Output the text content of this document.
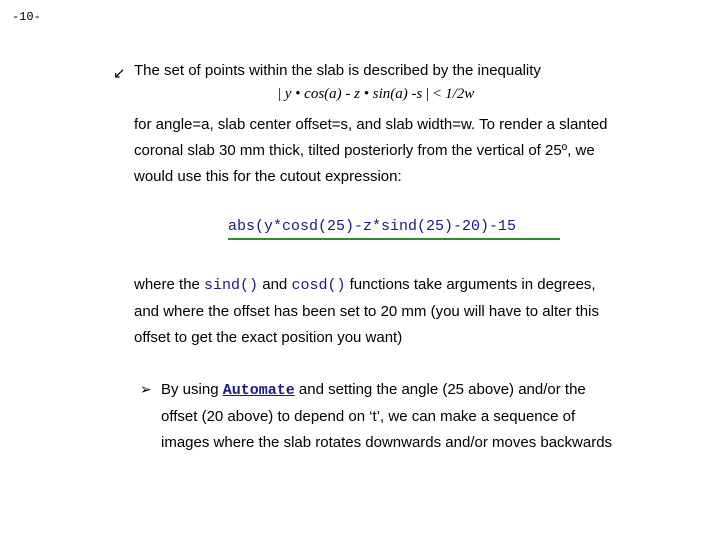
-10-
↙ The set of points within the slab is described by the inequality
| y • cos(a) - z • sin(a) -s | < 1/2w
for angle=a, slab center offset=s, and slab width=w. To render a slanted
coronal slab 30 mm thick, tilted posteriorly from the vertical of 25º, we
would use this for the cutout expression:
abs(y*cosd(25)-z*sind(25)-20)-15
where the sind() and cosd() functions take arguments in degrees,
and where the offset has been set to 20 mm (you will have to alter this
offset to get the exact position you want)
➢ By using Automate and setting the angle (25 above) and/or the
offset (20 above) to depend on ‘t’, we can make a sequence of
images where the slab rotates downwards and/or moves backwards
